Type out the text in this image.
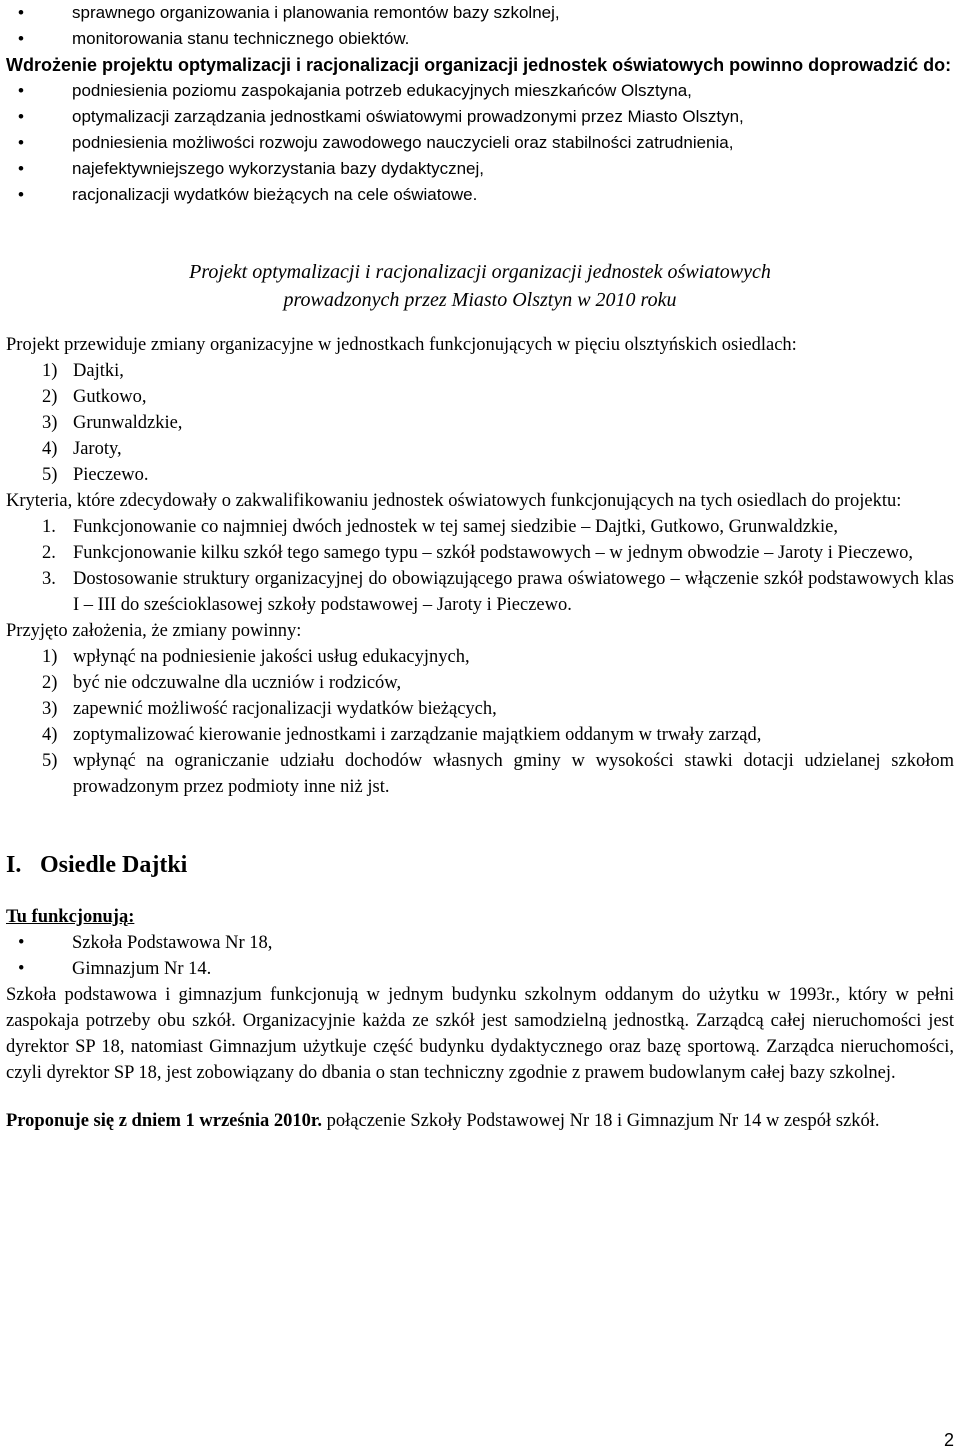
• sprawnego organizowania i planowania remontów bazy szkolnej,
• monitorowania stanu technicznego obiektów.

Wdrożenie projektu optymalizacji i racjonalizacji organizacji jednostek oświatowych powinno doprowadzić do:

• podniesienia poziomu zaspokajania potrzeb edukacyjnych mieszkańców Olsztyna,
• optymalizacji zarządzania jednostkami oświatowymi prowadzonymi przez Miasto Olsztyn,
• podniesienia możliwości rozwoju zawodowego nauczycieli oraz stabilności zatrudnienia,
• najefektywniejszego wykorzystania bazy dydaktycznej,
• racjonalizacji wydatków bieżących na cele oświatowe.
Projekt optymalizacji i racjonalizacji organizacji jednostek oświatowych
prowadzonych przez Miasto Olsztyn w 2010 roku

Projekt przewiduje zmiany organizacyjne w jednostkach funkcjonujących w pięciu olsztyńskich osiedlach:

1) Dajtki,
2) Gutkowo,
3) Grunwaldzkie,
4) Jaroty,
5) Pieczewo.

Kryteria, które zdecydowały o zakwalifikowaniu jednostek oświatowych funkcjonujących na tych osiedlach do projektu:

1. Funkcjonowanie co najmniej dwóch jednostek w tej samej siedzibie – Dajtki, Gutkowo, Grunwaldzkie,
2. Funkcjonowanie kilku szkół tego samego typu – szkół podstawowych – w jednym obwodzie – Jaroty i Pieczewo,
3. Dostosowanie struktury organizacyjnej do obowiązującego prawa oświatowego – włączenie szkół podstawowych klas I – III do sześcioklasowej szkoły podstawowej – Jaroty i Pieczewo.

Przyjęto założenia, że zmiany powinny:

1) wpłynąć na podniesienie jakości usług edukacyjnych,
2) być nie odczuwalne dla uczniów i rodziców,
3) zapewnić możliwość racjonalizacji wydatków bieżących,
4) zoptymalizować kierowanie jednostkami i zarządzanie majątkiem oddanym w trwały zarząd,
5) wpłynąć na ograniczanie udziału dochodów własnych gminy w wysokości stawki dotacji udzielanej szkołom prowadzonym przez podmioty inne niż jst.
I. Osiedle Dajtki

Tu funkcjonują:

• Szkoła Podstawowa Nr 18,
• Gimnazjum Nr 14.

Szkoła podstawowa i gimnazjum funkcjonują w jednym budynku szkolnym oddanym do użytku w 1993r., który w pełni zaspokaja potrzeby obu szkół. Organizacyjnie każda ze szkół jest samodzielną jednostką. Zarządcą całej nieruchomości jest dyrektor SP 18, natomiast Gimnazjum użytkuje część budynku dydaktycznego oraz bazę sportową. Zarządca nieruchomości, czyli dyrektor SP 18, jest zobowiązany do dbania o stan techniczny zgodnie z prawem budowlanym całej bazy szkolnej.

Proponuje się z dniem 1 września 2010r. połączenie Szkoły Podstawowej Nr 18 i Gimnazjum Nr 14 w zespół szkół.

2
